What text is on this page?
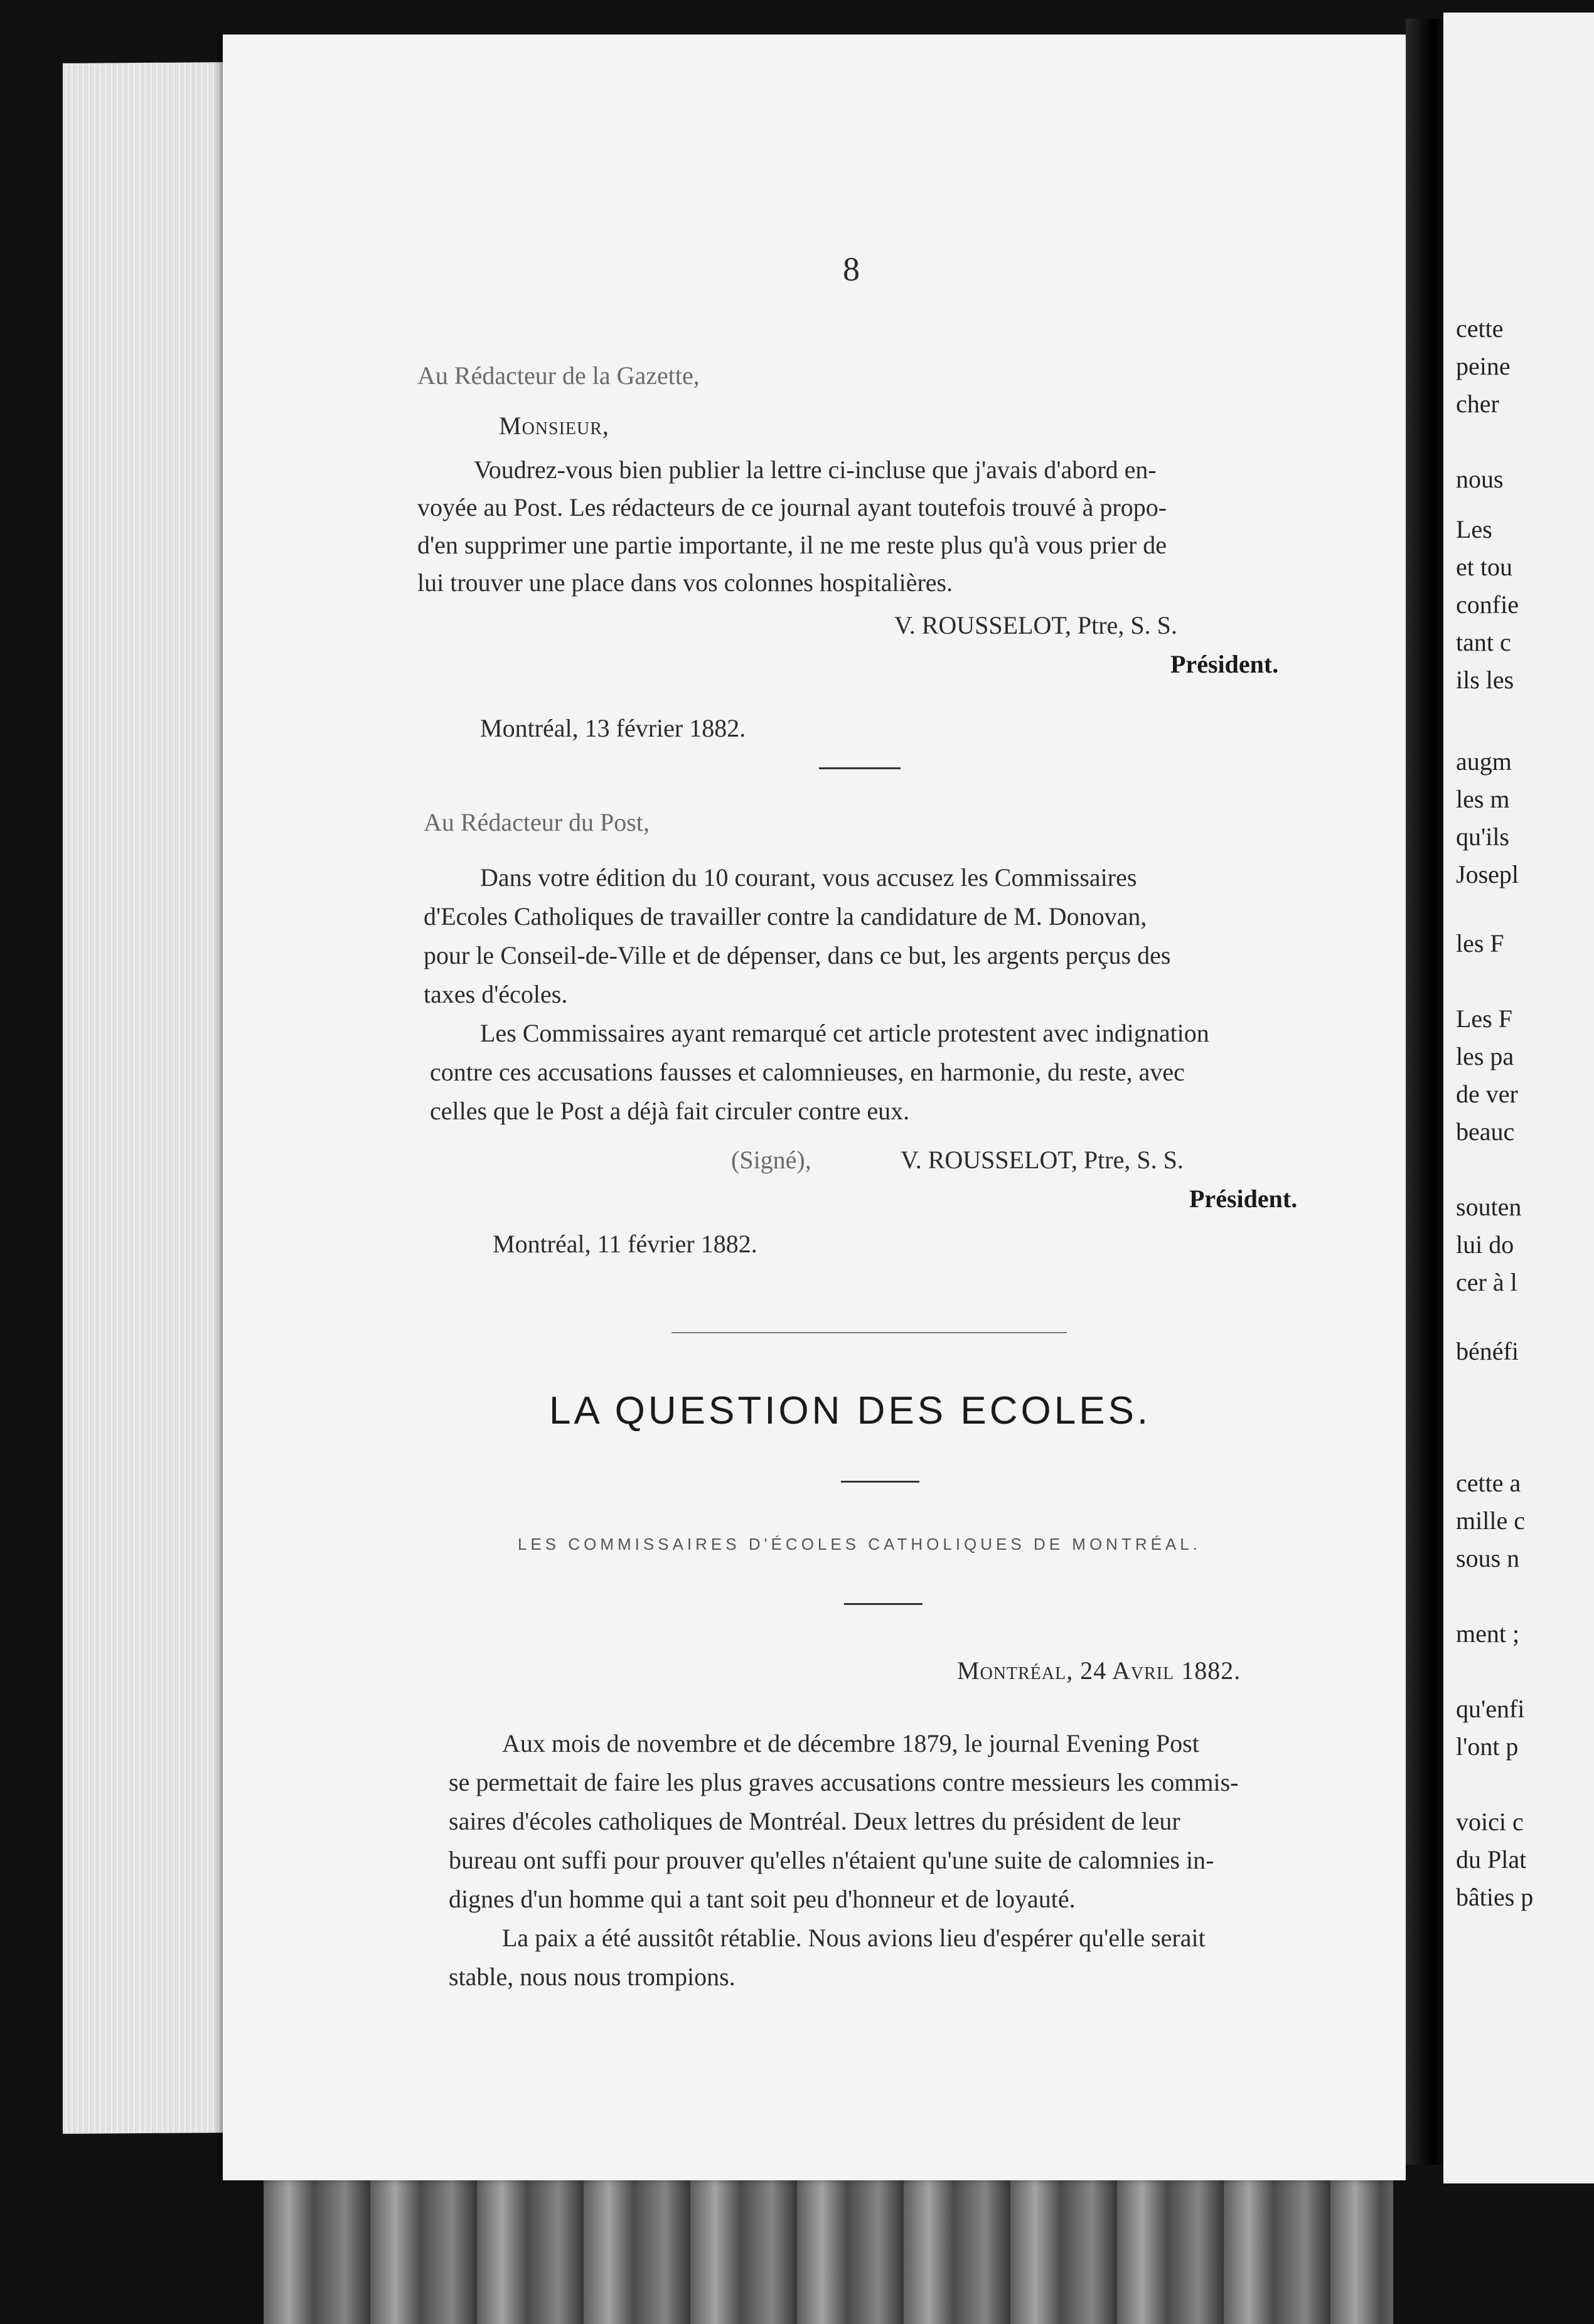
8
Au Rédacteur de la Gazette,
Monsieur,
Voudrez-vous bien publier la lettre ci-incluse que j'avais d'abord en-
voyée au Post. Les rédacteurs de ce journal ayant toutefois trouvé à propo-
d'en supprimer une partie importante, il ne me reste plus qu'à vous prier de
lui trouver une place dans vos colonnes hospitalières.
V. ROUSSELOT, Ptre, S. S.
Président.
Montréal, 13 février 1882.
Au Rédacteur du Post,
Dans votre édition du 10 courant, vous accusez les Commissaires
d'Ecoles Catholiques de travailler contre la candidature de M. Donovan,
pour le Conseil-de-Ville et de dépenser, dans ce but, les argents perçus des
taxes d'écoles.
Les Commissaires ayant remarqué cet article protestent avec indignation
contre ces accusations fausses et calomnieuses, en harmonie, du reste, avec
celles que le Post a déjà fait circuler contre eux.
(Signé),	V. ROUSSELOT, Ptre, S. S.
Président.
Montréal, 11 février 1882.
LA QUESTION DES ECOLES.
LES COMMISSAIRES D'ÉCOLES CATHOLIQUES DE MONTRÉAL.
Montréal, 24 Avril 1882.
Aux mois de novembre et de décembre 1879, le journal Evening Post
se permettait de faire les plus graves accusations contre messieurs les commis-
saires d'écoles catholiques de Montréal. Deux lettres du président de leur
bureau ont suffi pour prouver qu'elles n'étaient qu'une suite de calomnies in-
dignes d'un homme qui a tant soit peu d'honneur et de loyauté.
La paix a été aussitôt rétablie. Nous avions lieu d'espérer qu'elle serait
stable, nous nous trompions.
cette
peine
cher
nous
Les
et tou
confie
tant c
ils les
augm
les m
qu'ils
Josepl
les F
Les F
les pa
de ver
beauc
souten
lui do
cer à l
bénéfi
cette a
mille c
sous n
ment ;
qu'enfi
l'ont p
voici c
du Plat
bâties p
